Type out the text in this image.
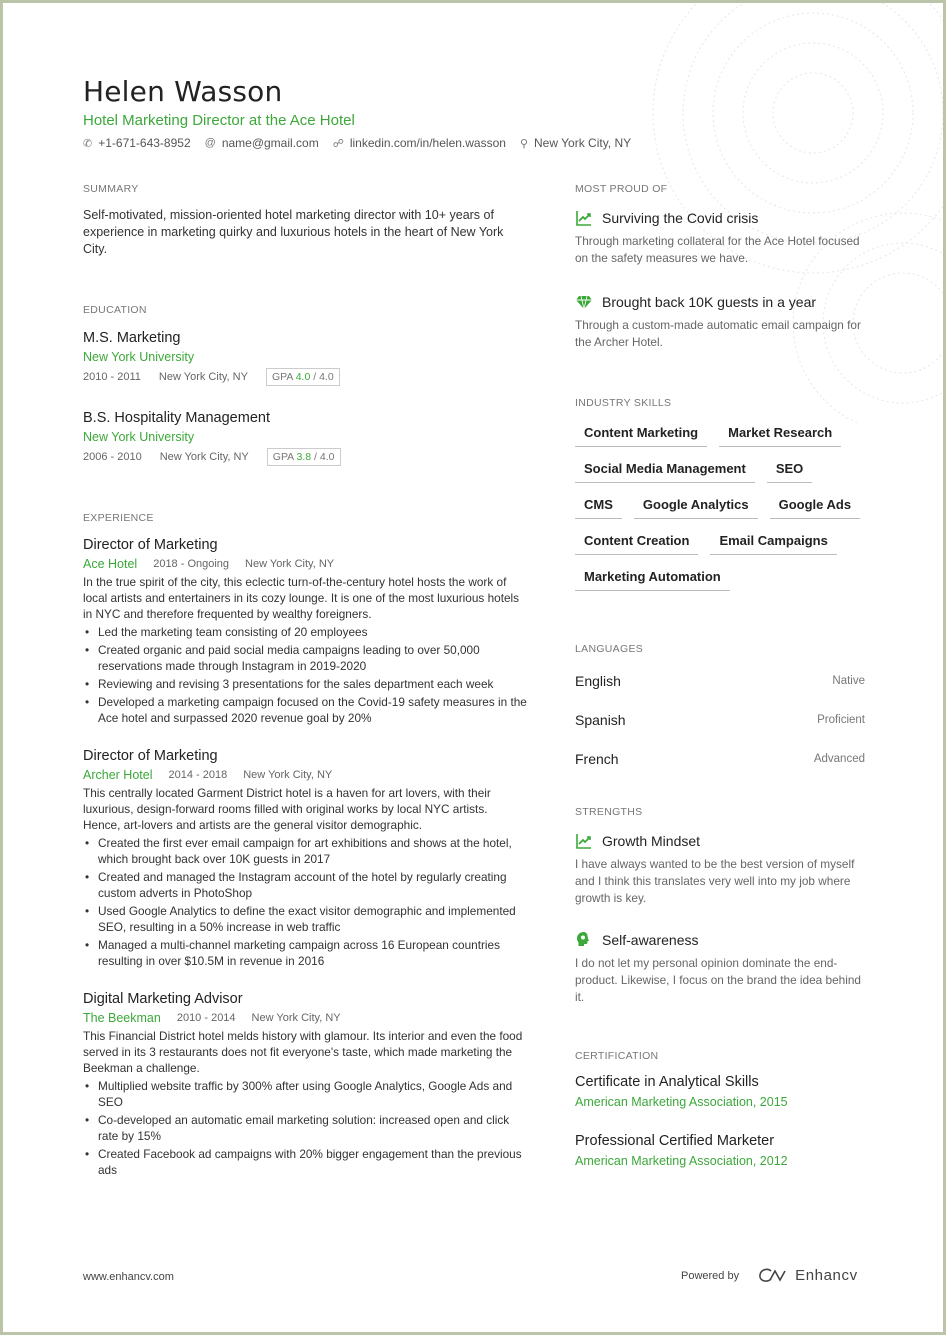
Helen Wasson
Hotel Marketing Director at the Ace Hotel
✆ +1-671-643-8952 @ name@gmail.com ☍ linkedin.com/in/helen.wasson ⚲ New York City, NY
SUMMARY
Self-motivated, mission-oriented hotel marketing director with 10+ years of experience in marketing quirky and luxurious hotels in the heart of New York City.
EDUCATION
M.S. Marketing
New York University
2010 - 2011 New York City, NY	GPA 4.0 / 4.0
B.S. Hospitality Management
New York University
2006 - 2010 New York City, NY	GPA 3.8 / 4.0
EXPERIENCE
Director of Marketing
Ace Hotel 2018 - Ongoing New York City, NY
In the true spirit of the city, this eclectic turn-of-the-century hotel hosts the work of local artists and entertainers in its cozy lounge. It is one of the most luxurious hotels in NYC and therefore frequented by wealthy foreigners.
• Led the marketing team consisting of 20 employees
• Created organic and paid social media campaigns leading to over 50,000 reservations made through Instagram in 2019-2020
• Reviewing and revising 3 presentations for the sales department each week
• Developed a marketing campaign focused on the Covid-19 safety measures in the Ace hotel and surpassed 2020 revenue goal by 20%
Director of Marketing
Archer Hotel 2014 - 2018 New York City, NY
This centrally located Garment District hotel is a haven for art lovers, with their luxurious, design-forward rooms filled with original works by local NYC artists. Hence, art-lovers and artists are the general visitor demographic.
• Created the first ever email campaign for art exhibitions and shows at the hotel, which brought back over 10K guests in 2017
• Created and managed the Instagram account of the hotel by regularly creating custom adverts in PhotoShop
• Used Google Analytics to define the exact visitor demographic and implemented SEO, resulting in a 50% increase in web traffic
• Managed a multi-channel marketing campaign across 16 European countries resulting in over $10.5M in revenue in 2016
Digital Marketing Advisor
The Beekman 2010 - 2014 New York City, NY
This Financial District hotel melds history with glamour. Its interior and even the food served in its 3 restaurants does not fit everyone's taste, which made marketing the Beekman a challenge.
• Multiplied website traffic by 300% after using Google Analytics, Google Ads and SEO
• Co-developed an automatic email marketing solution: increased open and click rate by 15%
• Created Facebook ad campaigns with 20% bigger engagement than the previous ads
MOST PROUD OF
Surviving the Covid crisis
Through marketing collateral for the Ace Hotel focused on the safety measures we have.
Brought back 10K guests in a year
Through a custom-made automatic email campaign for the Archer Hotel.
INDUSTRY SKILLS
Content Marketing	Market Research
Social Media Management	SEO
CMS	Google Analytics	Google Ads
Content Creation	Email Campaigns
Marketing Automation
LANGUAGES
English	Native
Spanish	Proficient
French	Advanced
STRENGTHS
Growth Mindset
I have always wanted to be the best version of myself and I think this translates very well into my job where growth is key.
Self-awareness
I do not let my personal opinion dominate the end-product. Likewise, I focus on the brand the idea behind it.
CERTIFICATION
Certificate in Analytical Skills
American Marketing Association, 2015
Professional Certified Marketer
American Marketing Association, 2012
www.enhancv.com	Powered by	Enhancv
